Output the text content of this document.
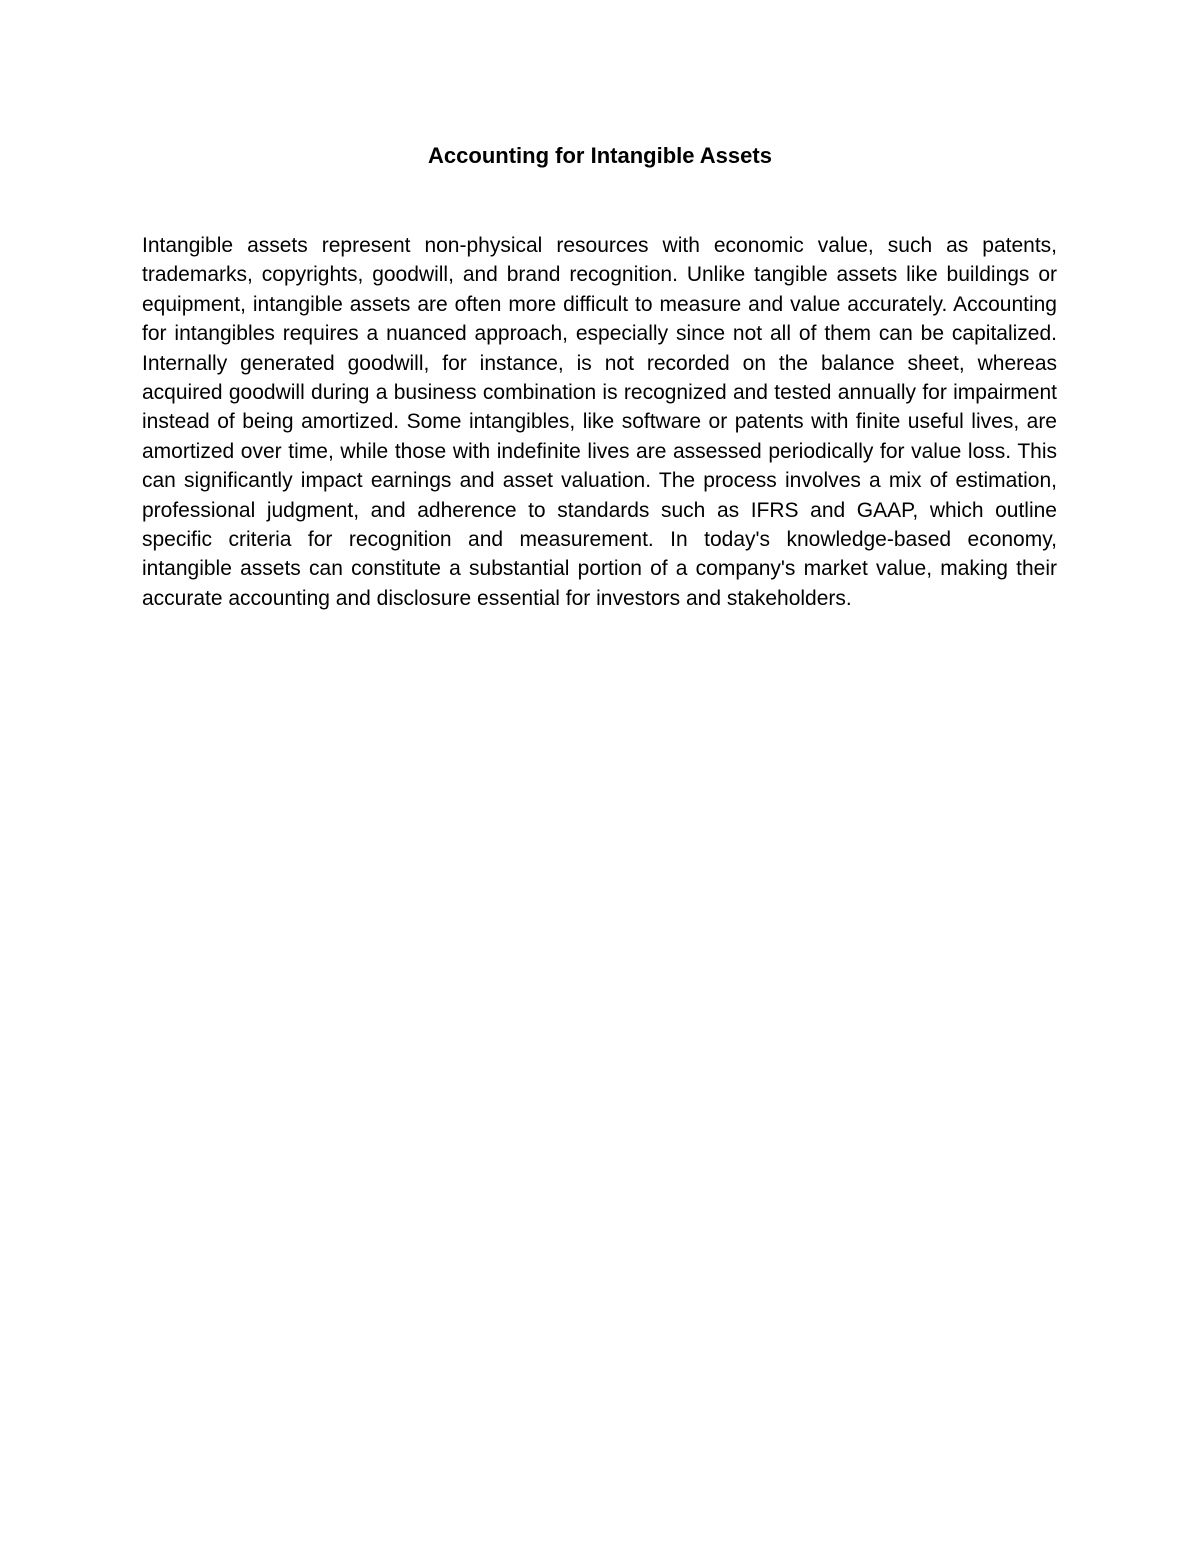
Accounting for Intangible Assets

Intangible assets represent non-physical resources with economic value, such as patents, trademarks, copyrights, goodwill, and brand recognition. Unlike tangible assets like buildings or equipment, intangible assets are often more difficult to measure and value accurately. Accounting for intangibles requires a nuanced approach, especially since not all of them can be capitalized. Internally generated goodwill, for instance, is not recorded on the balance sheet, whereas acquired goodwill during a business combination is recognized and tested annually for impairment instead of being amortized. Some intangibles, like software or patents with finite useful lives, are amortized over time, while those with indefinite lives are assessed periodically for value loss. This can significantly impact earnings and asset valuation. The process involves a mix of estimation, professional judgment, and adherence to standards such as IFRS and GAAP, which outline specific criteria for recognition and measurement. In today's knowledge-based economy, intangible assets can constitute a substantial portion of a company's market value, making their accurate accounting and disclosure essential for investors and stakeholders.
